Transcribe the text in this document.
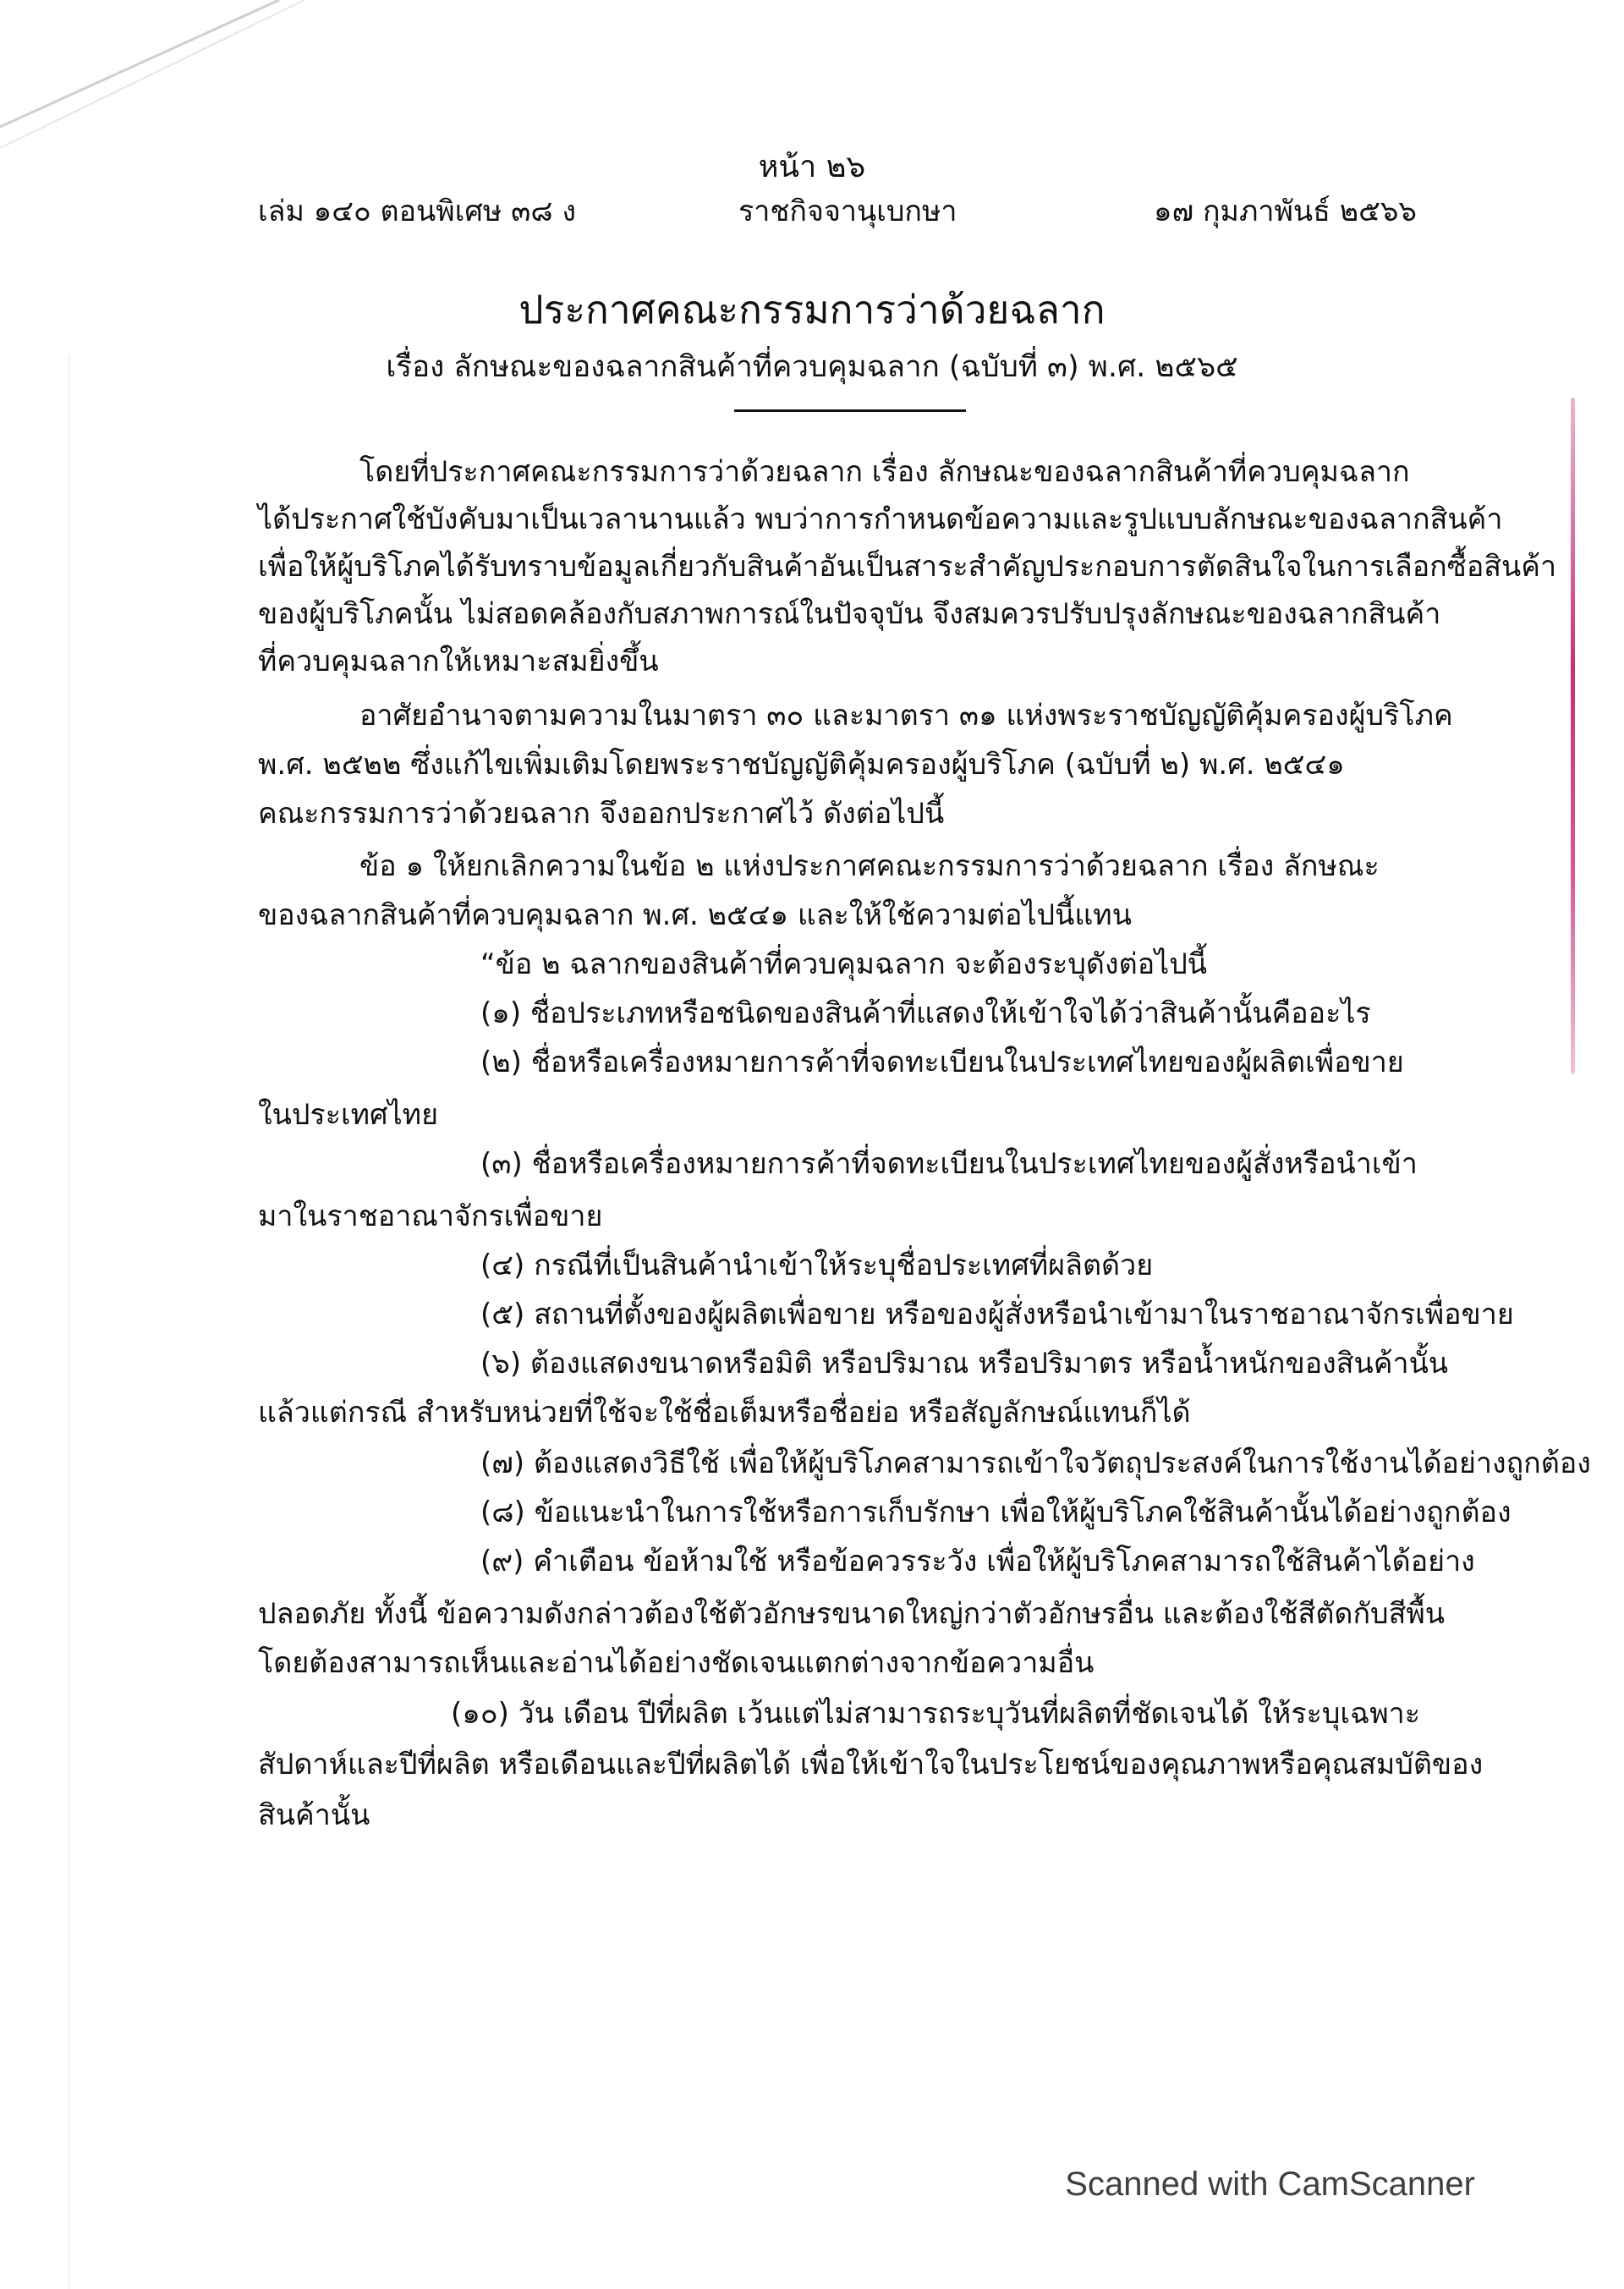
หน้า ๒๖
เล่ม ๑๔๐ ตอนพิเศษ ๓๘ ง	ราชกิจจานุเบกษา	๑๗ กุมภาพันธ์ ๒๕๖๖
ประกาศคณะกรรมการว่าด้วยฉลาก
เรื่อง ลักษณะของฉลากสินค้าที่ควบคุมฉลาก (ฉบับที่ ๓) พ.ศ. ๒๕๖๕
โดยที่ประกาศคณะกรรมการว่าด้วยฉลาก เรื่อง ลักษณะของฉลากสินค้าที่ควบคุมฉลาก
ได้ประกาศใช้บังคับมาเป็นเวลานานแล้ว พบว่าการกำหนดข้อความและรูปแบบลักษณะของฉลากสินค้า
เพื่อให้ผู้บริโภคได้รับทราบข้อมูลเกี่ยวกับสินค้าอันเป็นสาระสำคัญประกอบการตัดสินใจในการเลือกซื้อสินค้า
ของผู้บริโภคนั้น ไม่สอดคล้องกับสภาพการณ์ในปัจจุบัน จึงสมควรปรับปรุงลักษณะของฉลากสินค้า
ที่ควบคุมฉลากให้เหมาะสมยิ่งขึ้น
อาศัยอำนาจตามความในมาตรา ๓๐ และมาตรา ๓๑ แห่งพระราชบัญญัติคุ้มครองผู้บริโภค
พ.ศ. ๒๕๒๒ ซึ่งแก้ไขเพิ่มเติมโดยพระราชบัญญัติคุ้มครองผู้บริโภค (ฉบับที่ ๒) พ.ศ. ๒๕๔๑
คณะกรรมการว่าด้วยฉลาก จึงออกประกาศไว้ ดังต่อไปนี้
ข้อ ๑ ให้ยกเลิกความในข้อ ๒ แห่งประกาศคณะกรรมการว่าด้วยฉลาก เรื่อง ลักษณะ
ของฉลากสินค้าที่ควบคุมฉลาก พ.ศ. ๒๕๔๑ และให้ใช้ความต่อไปนี้แทน
“ข้อ ๒ ฉลากของสินค้าที่ควบคุมฉลาก จะต้องระบุดังต่อไปนี้
(๑) ชื่อประเภทหรือชนิดของสินค้าที่แสดงให้เข้าใจได้ว่าสินค้านั้นคืออะไร
(๒) ชื่อหรือเครื่องหมายการค้าที่จดทะเบียนในประเทศไทยของผู้ผลิตเพื่อขาย
ในประเทศไทย
(๓) ชื่อหรือเครื่องหมายการค้าที่จดทะเบียนในประเทศไทยของผู้สั่งหรือนำเข้า
มาในราชอาณาจักรเพื่อขาย
(๔) กรณีที่เป็นสินค้านำเข้าให้ระบุชื่อประเทศที่ผลิตด้วย
(๕) สถานที่ตั้งของผู้ผลิตเพื่อขาย หรือของผู้สั่งหรือนำเข้ามาในราชอาณาจักรเพื่อขาย
(๖) ต้องแสดงขนาดหรือมิติ หรือปริมาณ หรือปริมาตร หรือน้ำหนักของสินค้านั้น
แล้วแต่กรณี สำหรับหน่วยที่ใช้จะใช้ชื่อเต็มหรือชื่อย่อ หรือสัญลักษณ์แทนก็ได้
(๗) ต้องแสดงวิธีใช้ เพื่อให้ผู้บริโภคสามารถเข้าใจวัตถุประสงค์ในการใช้งานได้อย่างถูกต้อง
(๘) ข้อแนะนำในการใช้หรือการเก็บรักษา เพื่อให้ผู้บริโภคใช้สินค้านั้นได้อย่างถูกต้อง
(๙) คำเตือน ข้อห้ามใช้ หรือข้อควรระวัง เพื่อให้ผู้บริโภคสามารถใช้สินค้าได้อย่าง
ปลอดภัย ทั้งนี้ ข้อความดังกล่าวต้องใช้ตัวอักษรขนาดใหญ่กว่าตัวอักษรอื่น และต้องใช้สีตัดกับสีพื้น
โดยต้องสามารถเห็นและอ่านได้อย่างชัดเจนแตกต่างจากข้อความอื่น
(๑๐) วัน เดือน ปีที่ผลิต เว้นแต่ไม่สามารถระบุวันที่ผลิตที่ชัดเจนได้ ให้ระบุเฉพาะ
สัปดาห์และปีที่ผลิต หรือเดือนและปีที่ผลิตได้ เพื่อให้เข้าใจในประโยชน์ของคุณภาพหรือคุณสมบัติของ
สินค้านั้น
Scanned with CamScanner
